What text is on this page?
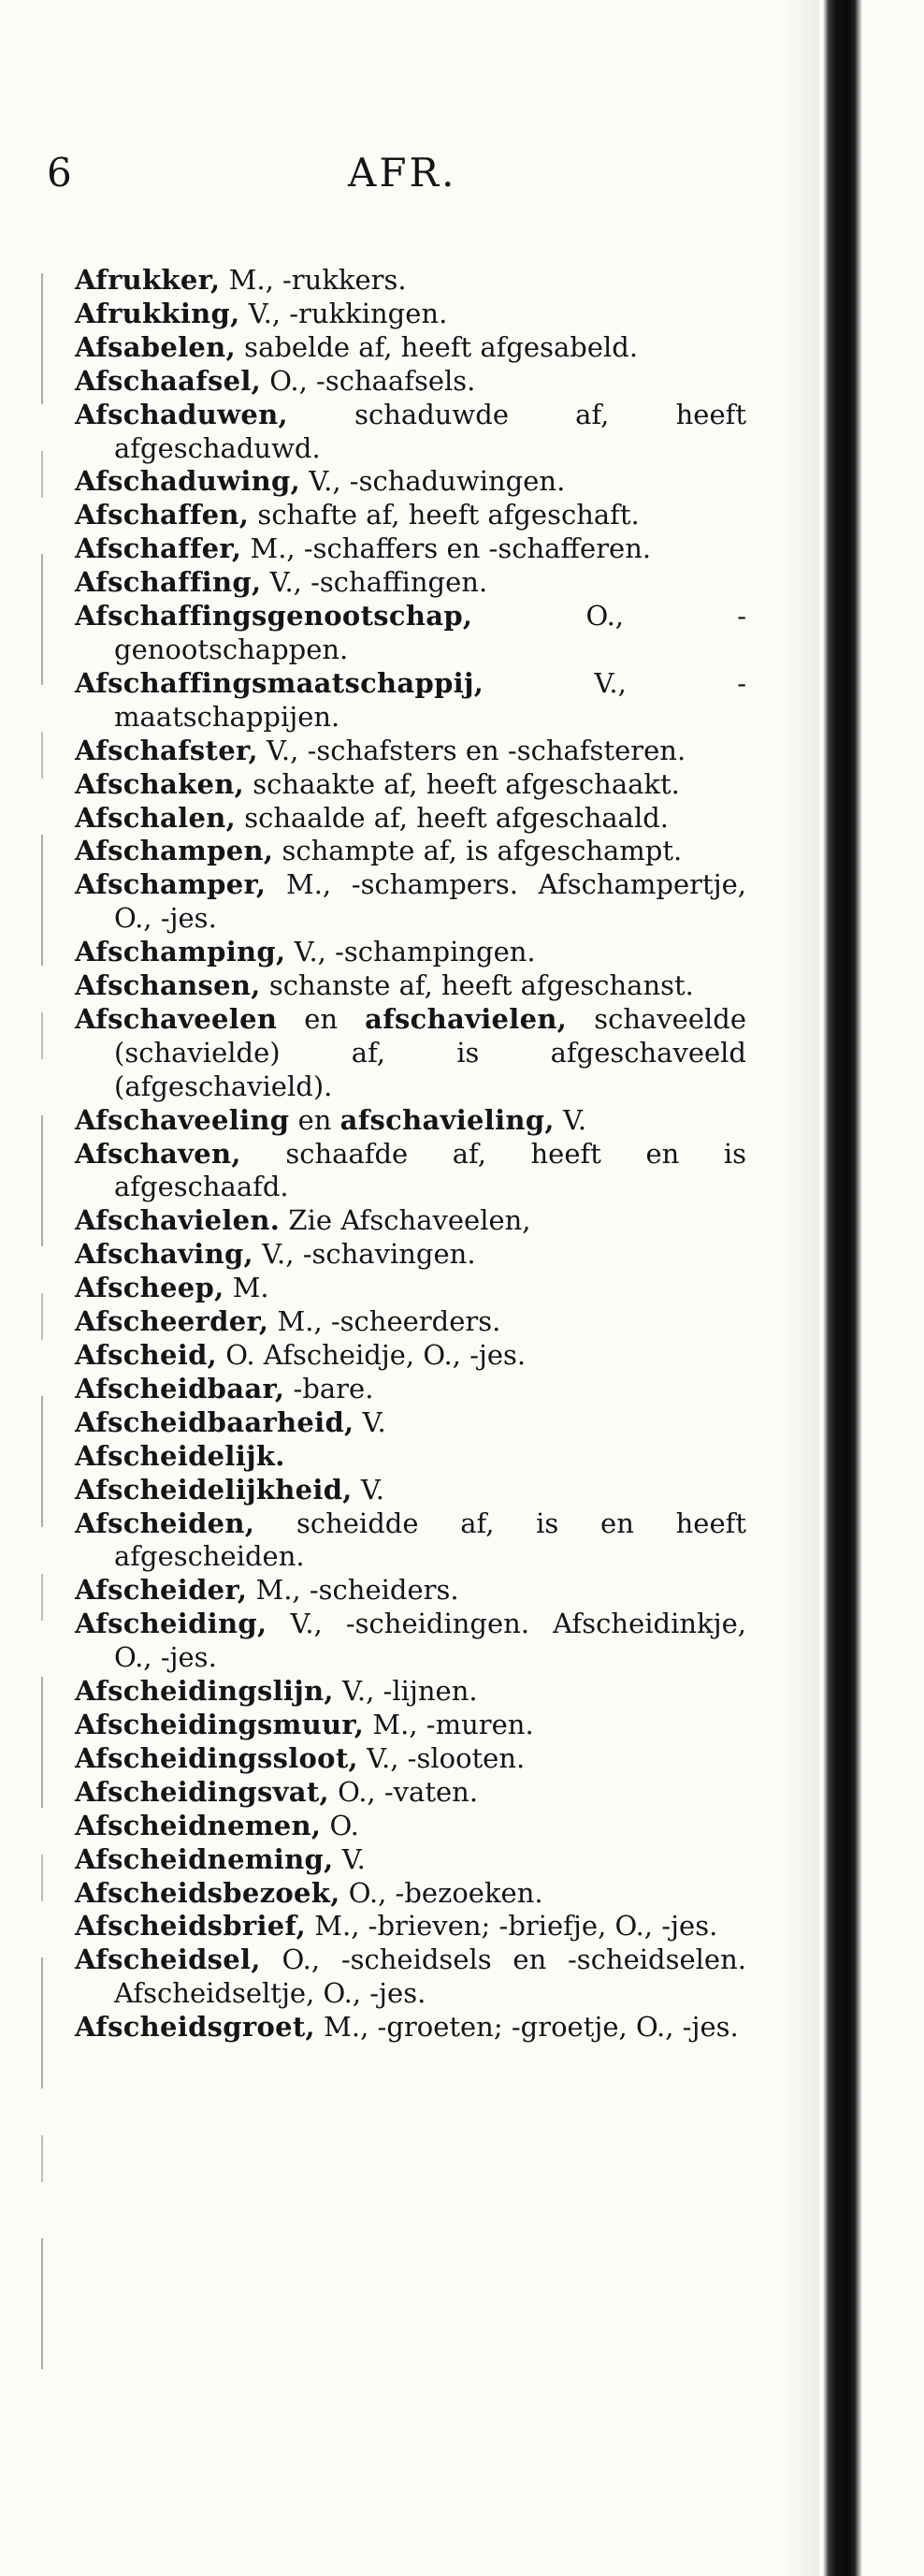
6	AFR.
Afrukker, M., -rukkers.
Afrukking, V., -rukkingen.
Afsabelen, sabelde af, heeft afgesabeld.
Afschaafsel, O., -schaafsels.
Afschaduwen, schaduwde af, heeft afgeschaduwd.
Afschaduwing, V., -schaduwingen.
Afschaffen, schafte af, heeft afgeschaft.
Afschaffer, M., -schaffers en -schafferen.
Afschaffing, V., -schaffingen.
Afschaffingsgenootschap, O., -genootschappen.
Afschaffingsmaatschappij, V., -maatschappijen.
Afschafster, V., -schafsters en -schafsteren.
Afschaken, schaakte af, heeft afgeschaakt.
Afschalen, schaalde af, heeft afgeschaald.
Afschampen, schampte af, is afgeschampt.
Afschamper, M., -schampers. Afschampertje, O., -jes.
Afschamping, V., -schampingen.
Afschansen, schanste af, heeft afgeschanst.
Afschaveelen en afschavielen, schaveelde (schavielde) af, is afgeschaveeld (afgeschavield).
Afschaveeling en afschavieling, V.
Afschaven, schaafde af, heeft en is afgeschaafd.
Afschavielen. Zie Afschaveelen,
Afschaving, V., -schavingen.
Afscheep, M.
Afscheerder, M., -scheerders.
Afscheid, O. Afscheidje, O., -jes.
Afscheidbaar, -bare.
Afscheidbaarheid, V.
Afscheidelijk.
Afscheidelijkheid, V.
Afscheiden, scheidde af, is en heeft afgescheiden.
Afscheider, M., -scheiders.
Afscheiding, V., -scheidingen. Afscheidinkje, O., -jes.
Afscheidingslijn, V., -lijnen.
Afscheidingsmuur, M., -muren.
Afscheidingssloot, V., -slooten.
Afscheidingsvat, O., -vaten.
Afscheidnemen, O.
Afscheidneming, V.
Afscheidsbezoek, O., -bezoeken.
Afscheidsbrief, M., -brieven; -briefje, O., -jes.
Afscheidsel, O., -scheidsels en -scheidselen. Afscheidseltje, O., -jes.
Afscheidsgroet, M., -groeten; -groetje, O., -jes.
